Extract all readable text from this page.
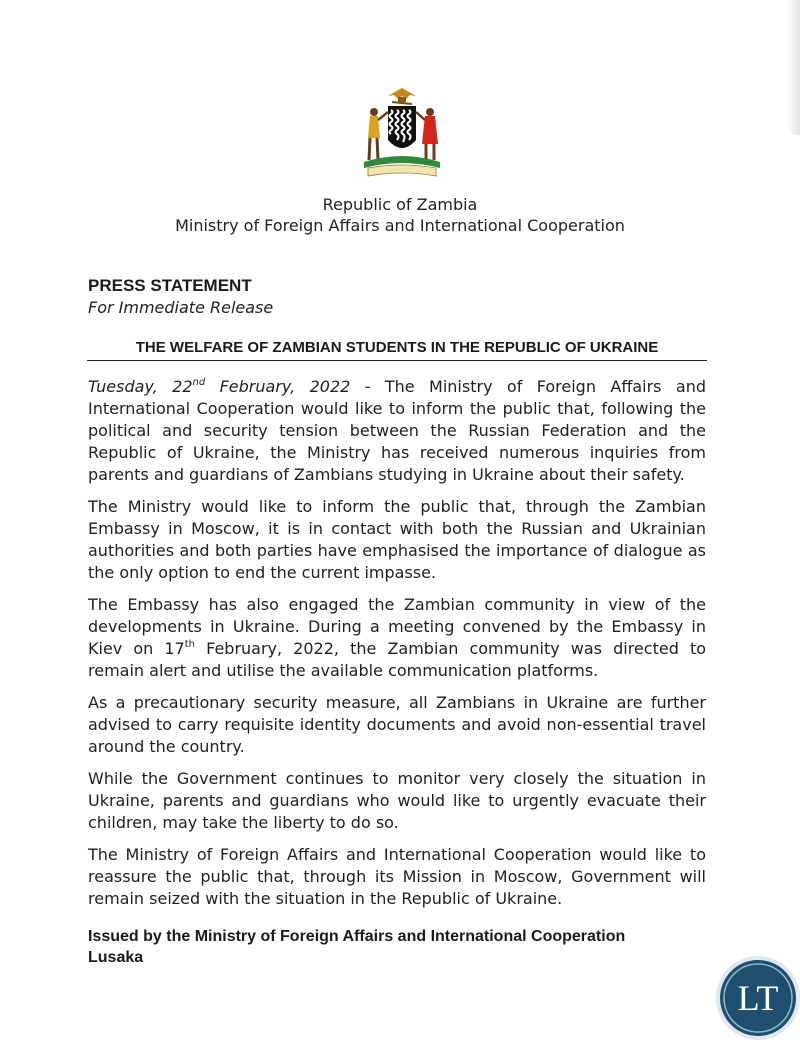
Republic of Zambia
Ministry of Foreign Affairs and International Cooperation
PRESS STATEMENT
For Immediate Release
THE WELFARE OF ZAMBIAN STUDENTS IN THE REPUBLIC OF UKRAINE

Tuesday, 22nd February, 2022 - The Ministry of Foreign Affairs and International Cooperation would like to inform the public that, following the political and security tension between the Russian Federation and the Republic of Ukraine, the Ministry has received numerous inquiries from parents and guardians of Zambians studying in Ukraine about their safety.

The Ministry would like to inform the public that, through the Zambian Embassy in Moscow, it is in contact with both the Russian and Ukrainian authorities and both parties have emphasised the importance of dialogue as the only option to end the current impasse.

The Embassy has also engaged the Zambian community in view of the developments in Ukraine. During a meeting convened by the Embassy in Kiev on 17th February, 2022, the Zambian community was directed to remain alert and utilise the available communication platforms.

As a precautionary security measure, all Zambians in Ukraine are further advised to carry requisite identity documents and avoid non-essential travel around the country.

While the Government continues to monitor very closely the situation in Ukraine, parents and guardians who would like to urgently evacuate their children, may take the liberty to do so.

The Ministry of Foreign Affairs and International Cooperation would like to reassure the public that, through its Mission in Moscow, Government will remain seized with the situation in the Republic of Ukraine.

Issued by the Ministry of Foreign Affairs and International Cooperation
Lusaka
LT
